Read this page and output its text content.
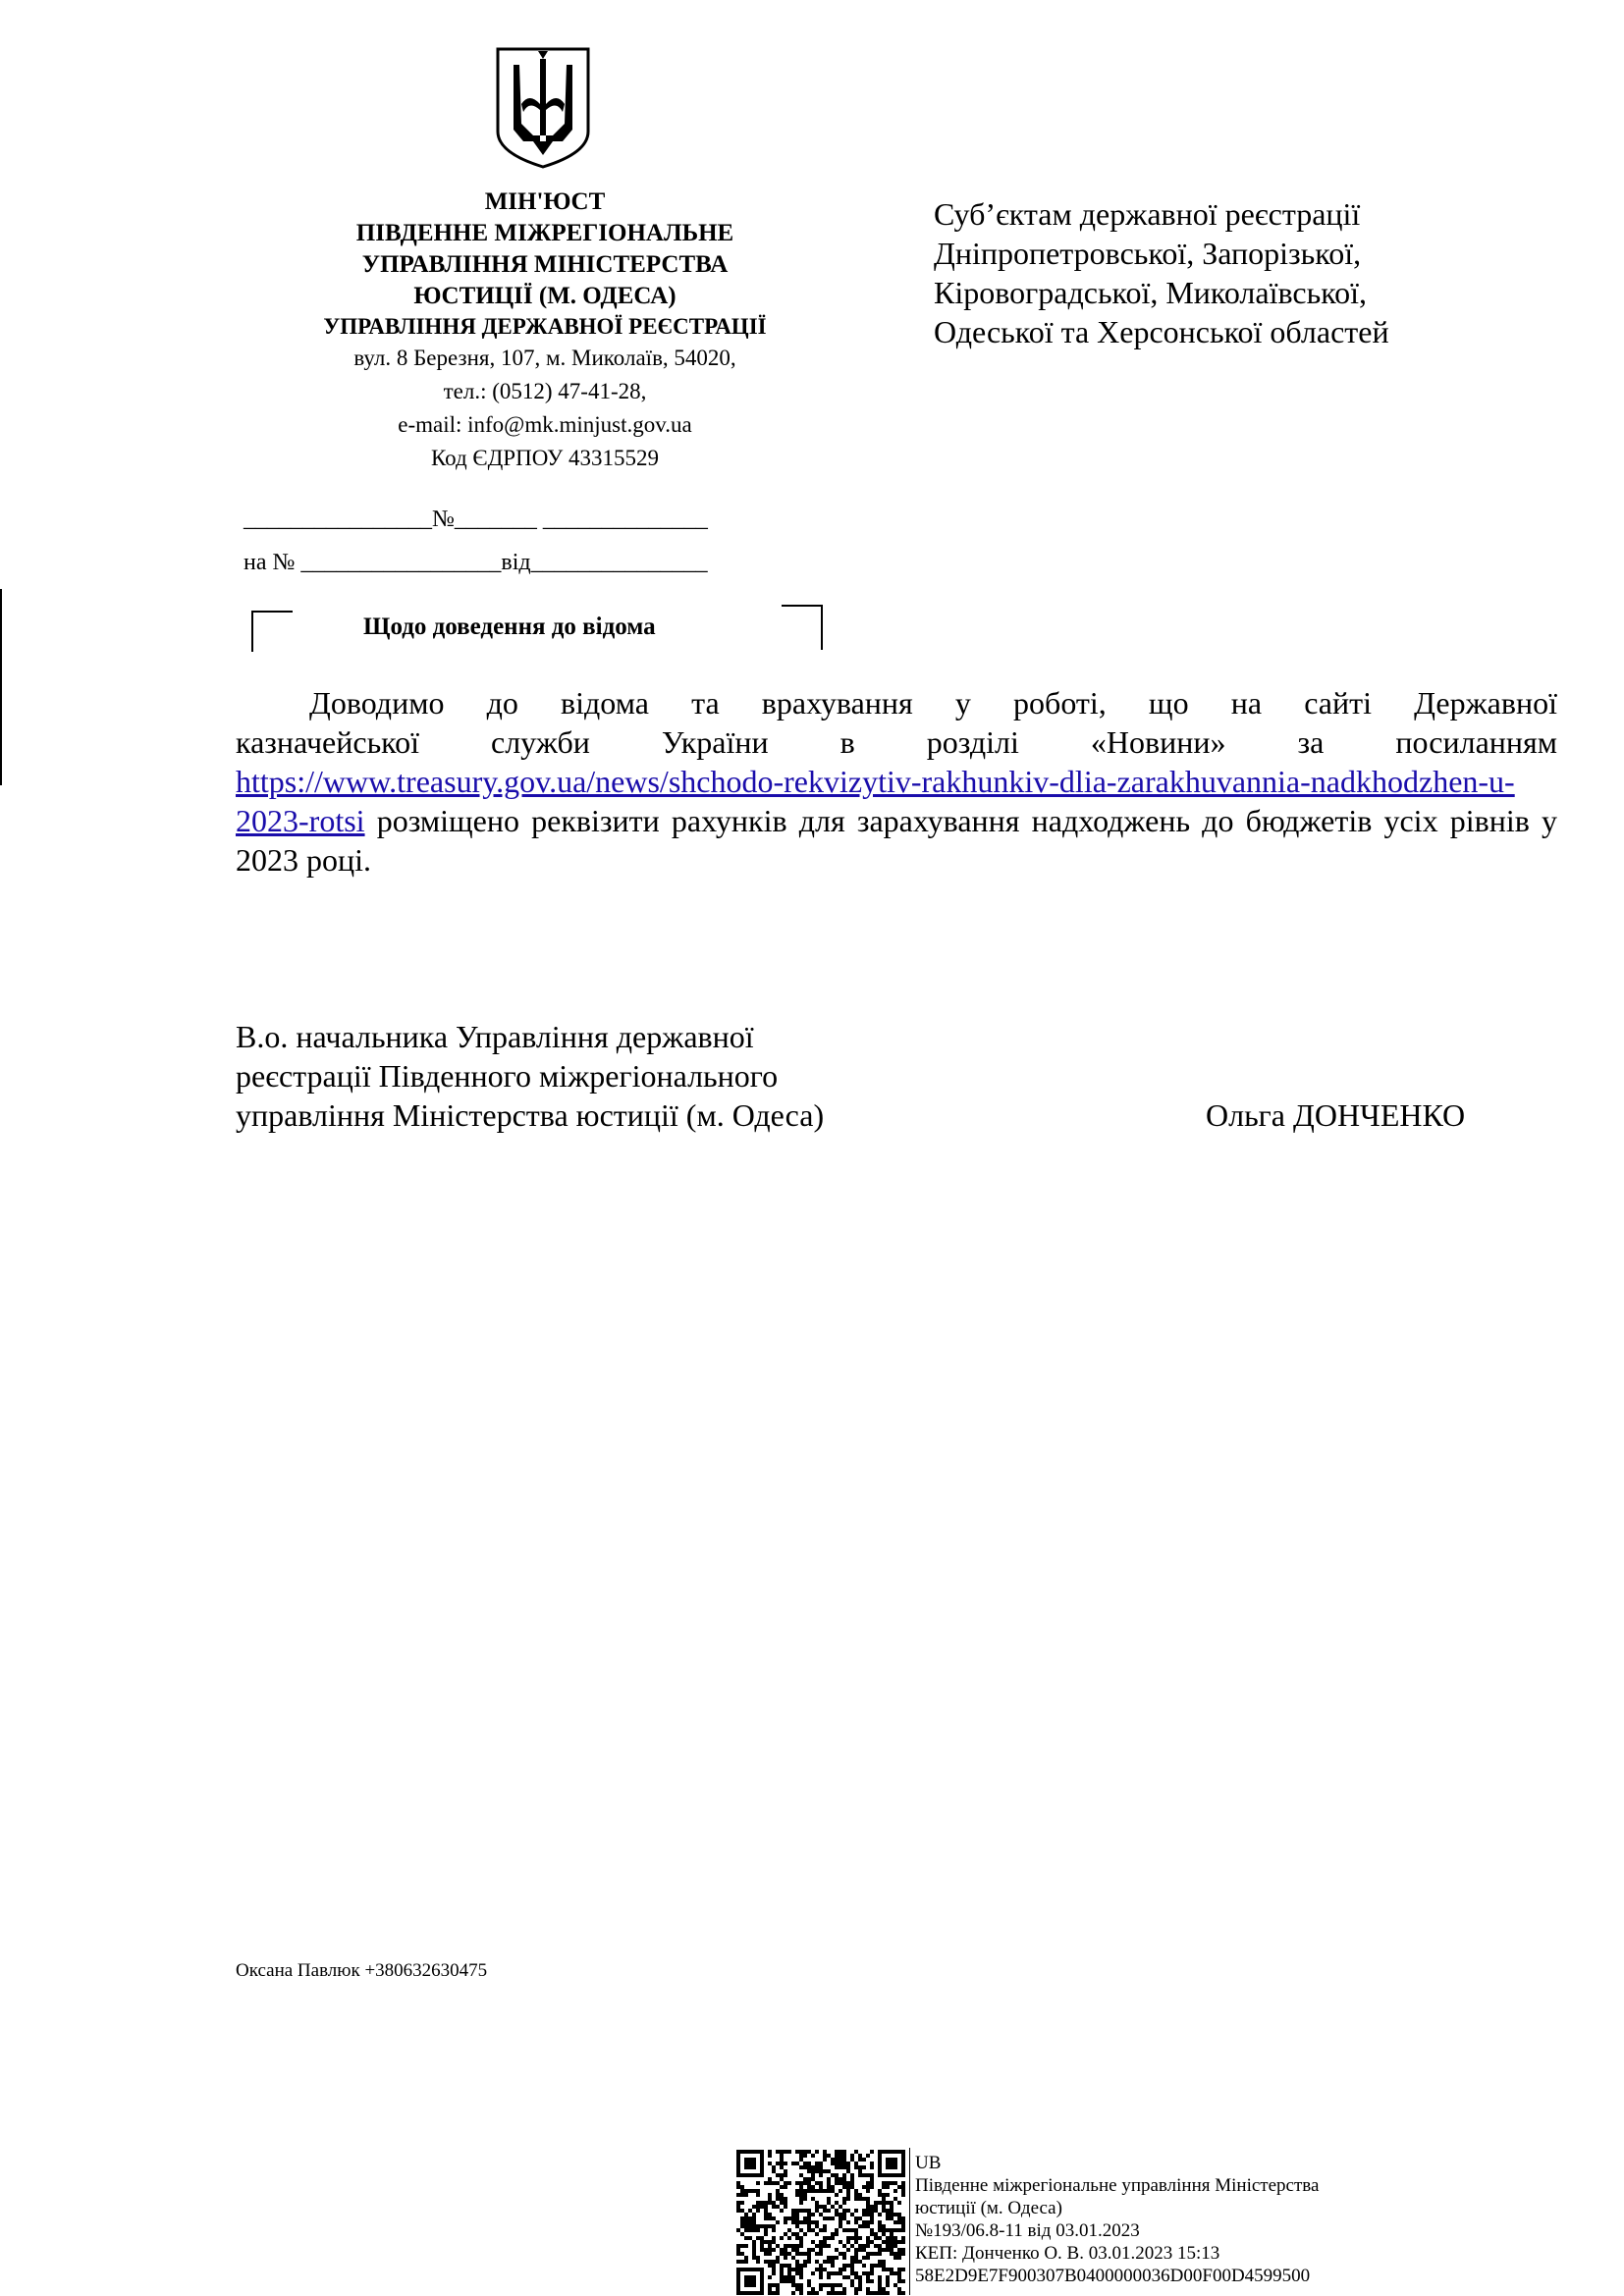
МІН'ЮСТ
ПІВДЕННЕ МІЖРЕГІОНАЛЬНЕ
УПРАВЛІННЯ МІНІСТЕРСТВА
ЮСТИЦІЇ (М. ОДЕСА)
УПРАВЛІННЯ ДЕРЖАВНОЇ РЕЄСТРАЦІЇ
вул. 8 Березня, 107, м. Миколаїв, 54020,
тел.: (0512) 47-41-28,
e-mail: info@mk.minjust.gov.ua
Код ЄДРПОУ 43315529
Суб’єктам державної реєстрації
Дніпропетровської, Запорізької,
Кіровоградської, Миколаївської,
Одеської та Херсонської областей
________________№_______ ______________
на № _________________від_______________
Щодо доведення до відома
Доводимо до відома та врахування у роботі, що на сайті Державної
казначейської служби України в розділі «Новини» за посиланням
https://www.treasury.gov.ua/news/shchodo-rekvizytiv-rakhunkiv-dlia-zarakhuvannia-nadkhodzhen-u-2023-rotsi розміщено реквізити рахунків для зарахування надходжень до бюджетів усіх рівнів у 2023 році.
В.о. начальника Управління державної
реєстрації Південного міжрегіонального
управління Міністерства юстиції (м. Одеса)	Ольга ДОНЧЕНКО
Оксана Павлюк +380632630475
UB
Південне міжрегіональне управління Міністерства
юстиції (м. Одеса)
№193/06.8-11 від 03.01.2023
КЕП: Донченко О. В. 03.01.2023 15:13
58E2D9E7F900307B0400000036D00F00D4599500
